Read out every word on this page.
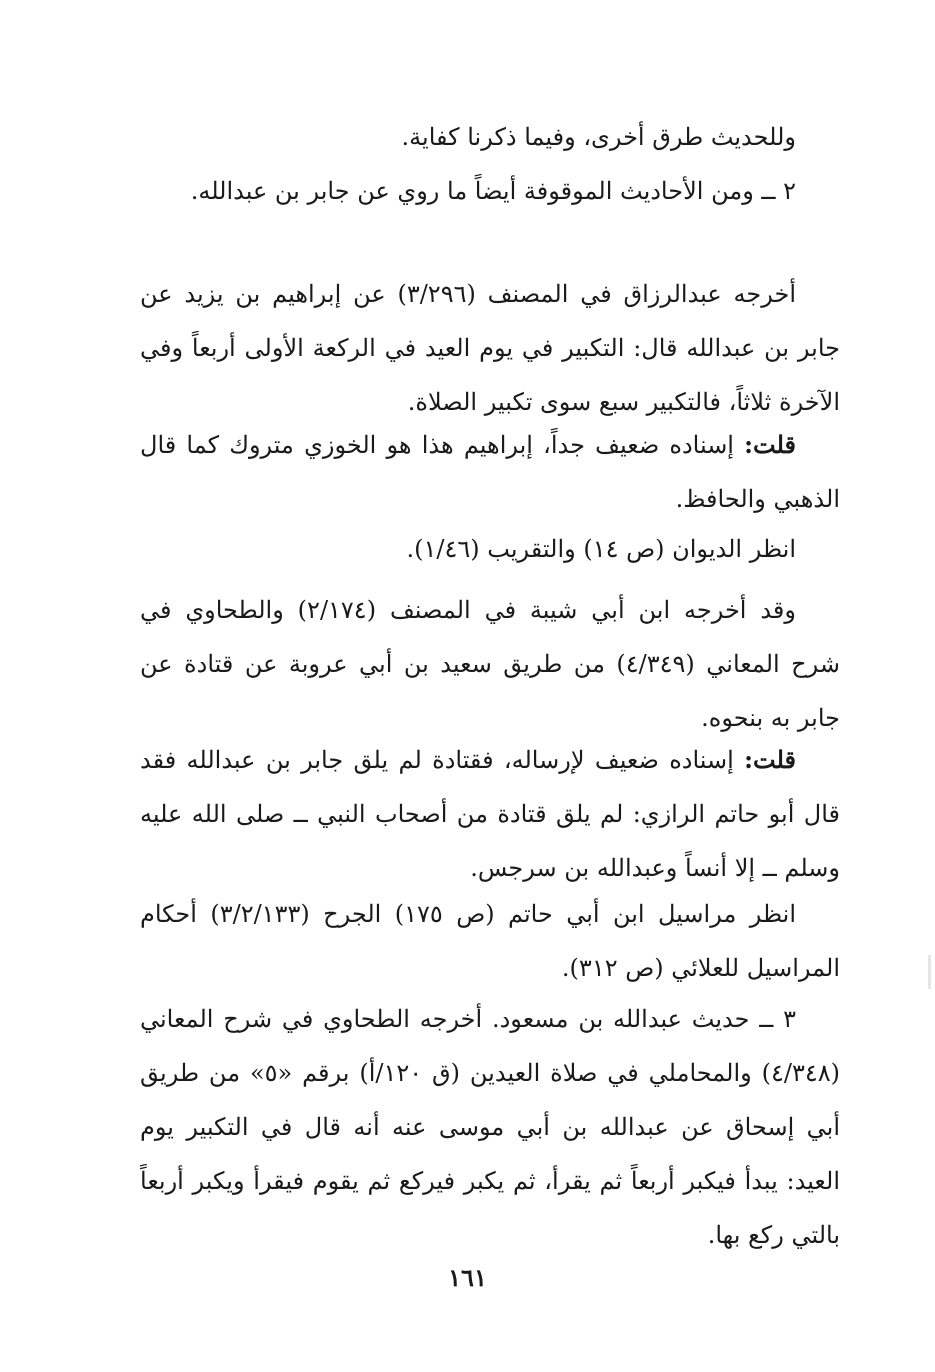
وللحديث طرق أخرى، وفيما ذكرنا كفاية.

٢ ــ ومن الأحاديث الموقوفة أيضاً ما روي عن جابر بن عبدالله.

أخرجه عبدالرزاق في المصنف (٣/٢٩٦) عن إبراهيم بن يزيد عن جابر بن عبدالله قال: التكبير في يوم العيد في الركعة الأولى أربعاً وفي الآخرة ثلاثاً، فالتكبير سبع سوى تكبير الصلاة.

قلت: إسناده ضعيف جداً، إبراهيم هذا هو الخوزي متروك كما قال الذهبي والحافظ.

انظر الديوان (ص ١٤) والتقريب (١/٤٦).

وقد أخرجه ابن أبي شيبة في المصنف (٢/١٧٤) والطحاوي في شرح المعاني (٤/٣٤٩) من طريق سعيد بن أبي عروبة عن قتادة عن جابر به بنحوه.

قلت: إسناده ضعيف لإرساله، فقتادة لم يلق جابر بن عبدالله فقد قال أبو حاتم الرازي: لم يلق قتادة من أصحاب النبي ــ صلى الله عليه وسلم ــ إلا أنساً وعبدالله بن سرجس.

انظر مراسيل ابن أبي حاتم (ص ١٧٥) الجرح (٣/٢/١٣٣) أحكام المراسيل للعلائي (ص ٣١٢).

٣ ــ حديث عبدالله بن مسعود. أخرجه الطحاوي في شرح المعاني (٤/٣٤٨) والمحاملي في صلاة العيدين (ق ١٢٠/أ) برقم «٥» من طريق أبي إسحاق عن عبدالله بن أبي موسى عنه أنه قال في التكبير يوم العيد: يبدأ فيكبر أربعاً ثم يقرأ، ثم يكبر فيركع ثم يقوم فيقرأ ويكبر أربعاً بالتي ركع بها.

١٦١
